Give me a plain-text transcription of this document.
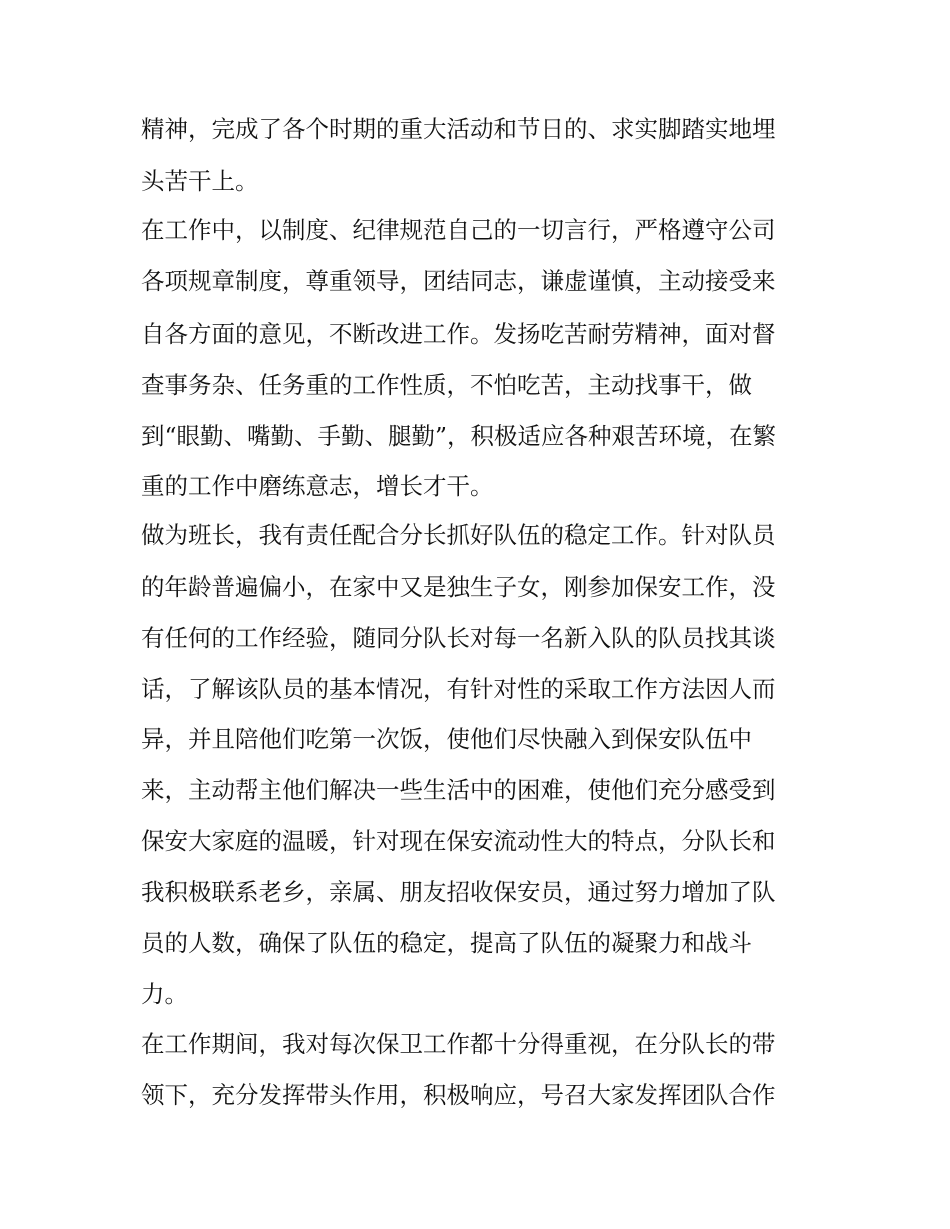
精神，完成了各个时期的重大活动和节日的、求实脚踏实地埋

头苦干上。

在工作中，以制度、纪律规范自己的一切言行，严格遵守公司

各项规章制度，尊重领导，团结同志，谦虚谨慎，主动接受来

自各方面的意见，不断改进工作。发扬吃苦耐劳精神，面对督

查事务杂、任务重的工作性质，不怕吃苦，主动找事干，做

到“眼勤、嘴勤、手勤、腿勤”，积极适应各种艰苦环境，在繁

重的工作中磨练意志，增长才干。

做为班长，我有责任配合分长抓好队伍的稳定工作。针对队员

的年龄普遍偏小，在家中又是独生子女，刚参加保安工作，没

有任何的工作经验，随同分队长对每一名新入队的队员找其谈

话，了解该队员的基本情况，有针对性的采取工作方法因人而

异，并且陪他们吃第一次饭，使他们尽快融入到保安队伍中

来，主动帮主他们解决一些生活中的困难，使他们充分感受到

保安大家庭的温暖，针对现在保安流动性大的特点，分队长和

我积极联系老乡，亲属、朋友招收保安员，通过努力增加了队

员的人数，确保了队伍的稳定，提高了队伍的凝聚力和战斗

力。

在工作期间，我对每次保卫工作都十分得重视，在分队长的带

领下，充分发挥带头作用，积极响应，号召大家发挥团队合作
